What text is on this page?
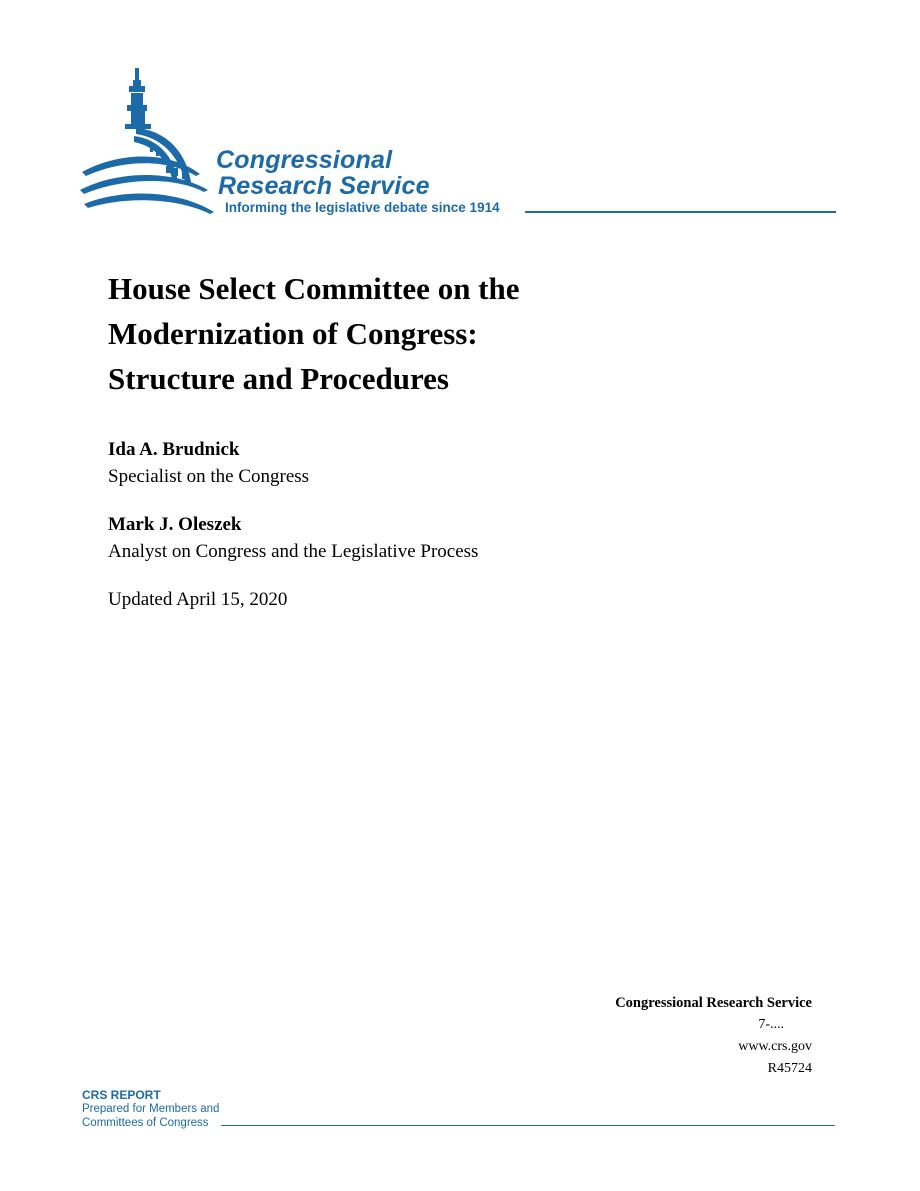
Congressional
Research Service
Informing the legislative debate since 1914
House Select Committee on the
Modernization of Congress:
Structure and Procedures
Ida A. Brudnick
Specialist on the Congress
Mark J. Oleszek
Analyst on Congress and the Legislative Process
Updated April 15, 2020
Congressional Research Service
7-....
www.crs.gov
R45724
CRS REPORT
Prepared for Members and
Committees of Congress
